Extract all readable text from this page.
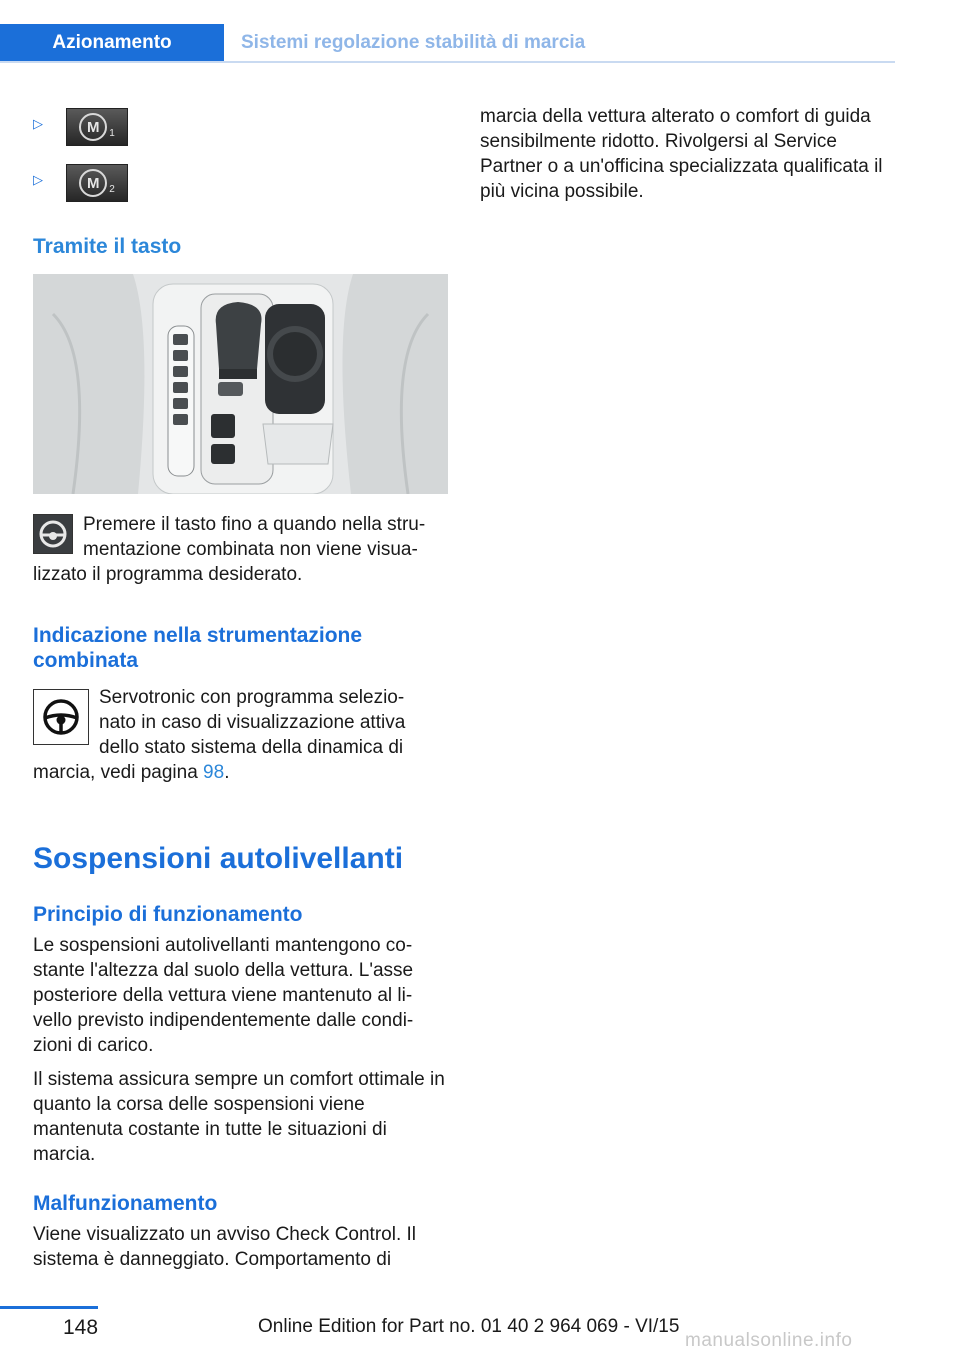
Azionamento	Sistemi regolazione stabilità di marcia
▷	M 1
▷	M 2
Tramite il tasto
Premere il tasto fino a quando nella stru-
mentazione combinata non viene visua-
lizzato il programma desiderato.
Indicazione nella strumentazione
combinata
Servotronic con programma selezio-
nato in caso di visualizzazione attiva
dello stato sistema della dinamica di
marcia, vedi pagina 98.
Sospensioni autolivellanti
Principio di funzionamento
Le sospensioni autolivellanti mantengono co-stante l'altezza dal suolo della vettura. L'asse posteriore della vettura viene mantenuto al li-vello previsto indipendentemente dalle condi-zioni di carico.
Il sistema assicura sempre un comfort ottimale in quanto la corsa delle sospensioni viene mantenuta costante in tutte le situazioni di marcia.
Malfunzionamento
Viene visualizzato un avviso Check Control. Il sistema è danneggiato. Comportamento di
marcia della vettura alterato o comfort di guida sensibilmente ridotto. Rivolgersi al Service Partner o a un'officina specializzata qualificata il più vicina possibile.
148	Online Edition for Part no. 01 40 2 964 069 - VI/15
manualsonline.info
